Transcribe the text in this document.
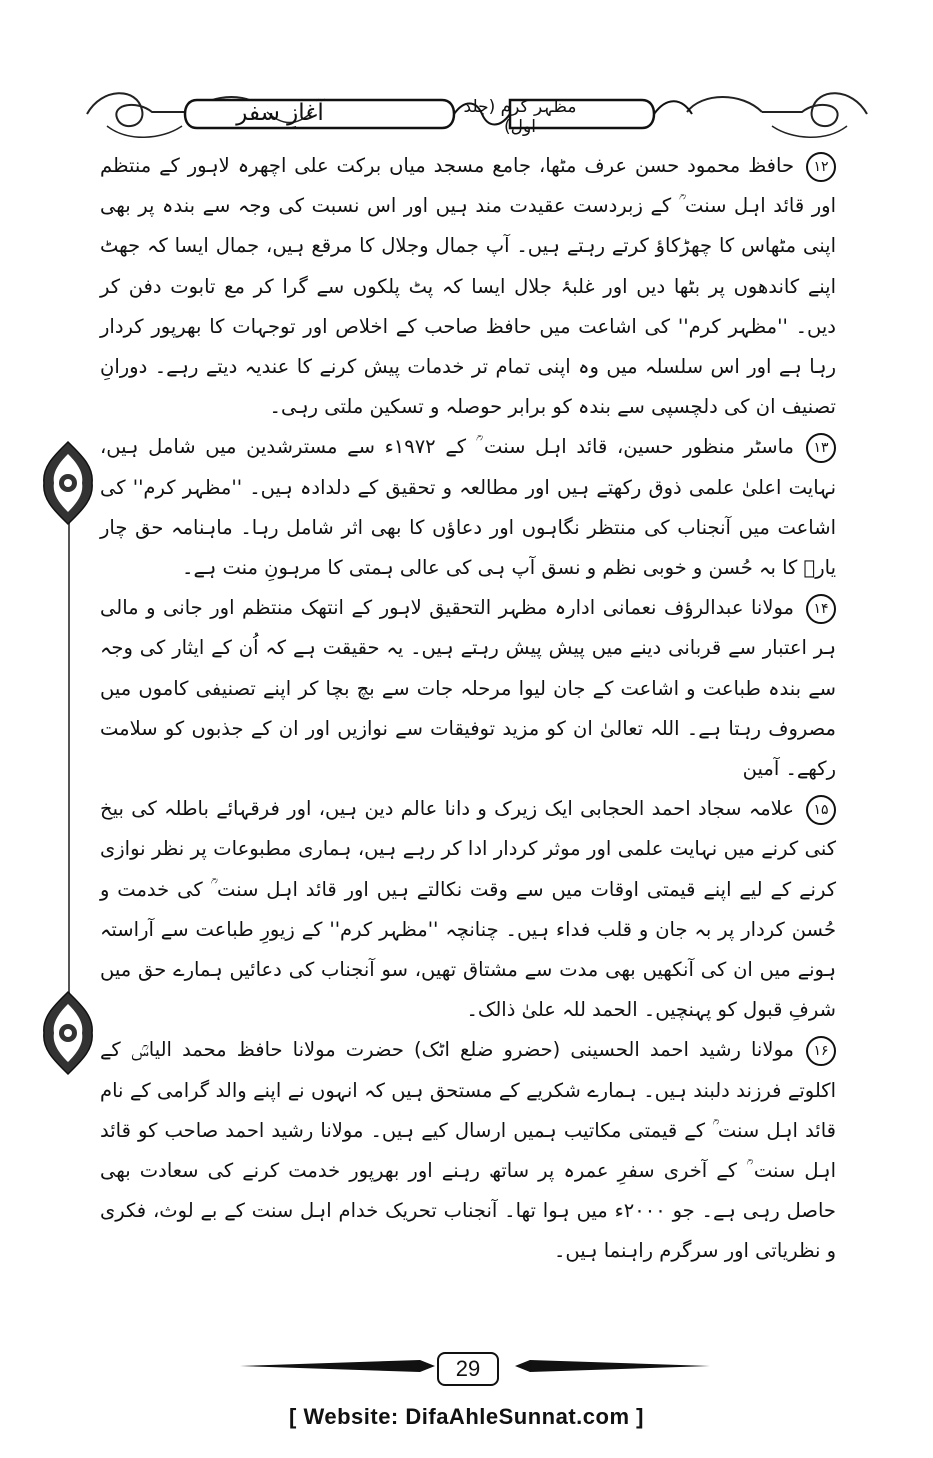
مظہر کرم (جلد اول)
آغازِ سفر

۱۲حافظ محمود حسن عرف مٹھا، جامع مسجد میاں برکت علی اچھرہ لاہور کے منتظم اور قائد اہل سنت ؒ کے زبردست عقیدت مند ہیں اور اس نسبت کی وجہ سے بندہ پر بھی اپنی مٹھاس کا چھڑکاؤ کرتے رہتے ہیں۔ آپ جمال وجلال کا مرقع ہیں، جمال ایسا کہ جھٹ اپنے کاندھوں پر بٹھا دیں اور غلبۂ جلال ایسا کہ پٹ پلکوں سے گرا کر مع تابوت دفن کر دیں۔ ''مظہر کرم'' کی اشاعت میں حافظ صاحب کے اخلاص اور توجہات کا بھرپور کردار رہا ہے اور اس سلسلہ میں وہ اپنی تمام تر خدمات پیش کرنے کا عندیہ دیتے رہے۔ دورانِ تصنیف ان کی دلچسپی سے بندہ کو برابر حوصلہ و تسکین ملتی رہی۔

۱۳ماسٹر منظور حسین، قائد اہل سنت ؒ کے ۱۹۷۲ء سے مسترشدین میں شامل ہیں، نہایت اعلیٰ علمی ذوق رکھتے ہیں اور مطالعہ و تحقیق کے دلدادہ ہیں۔ ''مظہر کرم'' کی اشاعت میں آنجناب کی منتظر نگاہوں اور دعاؤں کا بھی اثر شامل رہا۔ ماہنامہ حق چار یارؓ کا بہ حُسن و خوبی نظم و نسق آپ ہی کی عالی ہمتی کا مرہونِ منت ہے۔

۱۴مولانا عبدالرؤف نعمانی ادارہ مظہر التحقیق لاہور کے انتھک منتظم اور جانی و مالی ہر اعتبار سے قربانی دینے میں پیش پیش رہتے ہیں۔ یہ حقیقت ہے کہ اُن کے ایثار کی وجہ سے بندہ طباعت و اشاعت کے جان لیوا مرحلہ جات سے بچ بچا کر اپنے تصنیفی کاموں میں مصروف رہتا ہے۔ اللہ تعالیٰ ان کو مزید توفیقات سے نوازیں اور ان کے جذبوں کو سلامت رکھے۔ آمین

۱۵علامہ سجاد احمد الحجابی ایک زیرک و دانا عالم دین ہیں، اور فرقہائے باطلہ کی بیخ کنی کرنے میں نہایت علمی اور موثر کردار ادا کر رہے ہیں، ہماری مطبوعات پر نظر نوازی کرنے کے لیے اپنے قیمتی اوقات میں سے وقت نکالتے ہیں اور قائد اہل سنت ؒ کی خدمت و حُسن کردار پر بہ جان و قلب فداء ہیں۔ چنانچہ ''مظہر کرم'' کے زیورِ طباعت سے آراستہ ہونے میں ان کی آنکھیں بھی مدت سے مشتاق تھیں، سو آنجناب کی دعائیں ہمارے حق میں شرفِ قبول کو پہنچیں۔ الحمد للہ علیٰ ذالک۔

۱۶مولانا رشید احمد الحسینی (حضرو ضلع اٹک) حضرت مولانا حافظ محمد الیاسؒ کے اکلوتے فرزند دلبند ہیں۔ ہمارے شکریے کے مستحق ہیں کہ انہوں نے اپنے والد گرامی کے نام قائد اہل سنت ؒ کے قیمتی مکاتیب ہمیں ارسال کیے ہیں۔ مولانا رشید احمد صاحب کو قائد اہل سنت ؒ کے آخری سفرِ عمرہ پر ساتھ رہنے اور بھرپور خدمت کرنے کی سعادت بھی حاصل رہی ہے۔ جو ۲۰۰۰ء میں ہوا تھا۔ آنجناب تحریک خدام اہل سنت کے بے لوث، فکری و نظریاتی اور سرگرم راہنما ہیں۔

29
[ Website: DifaAhleSunnat.com ]
